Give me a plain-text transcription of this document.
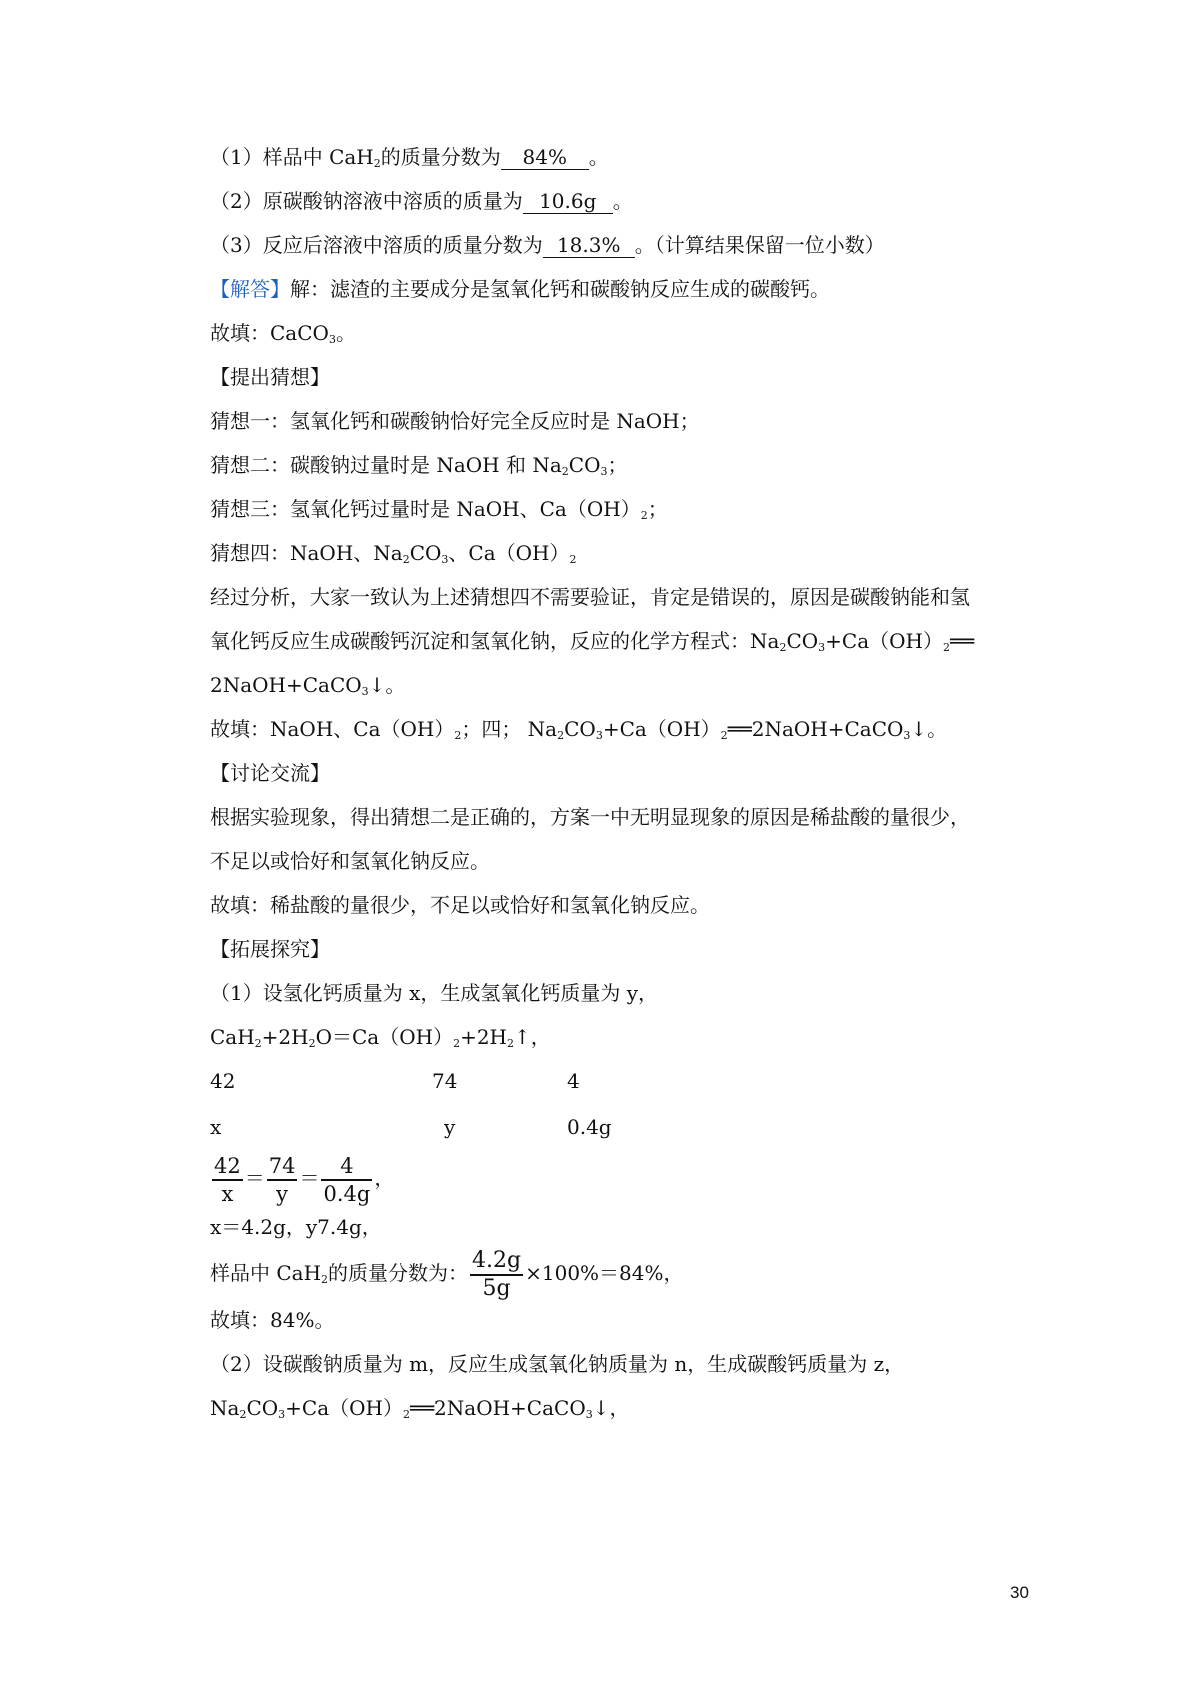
（1）样品中 CaH$_2$的质量分数为 84% 。
（2）原碳酸钠溶液中溶质的质量为 10.6g 。
（3）反应后溶液中溶质的质量分数为 18.3% 。（计算结果保留一位小数）
【解答】解：滤渣的主要成分是氢氧化钙和碳酸钠反应生成的碳酸钙。
故填：CaCO$_3$。
【提出猜想】
猜想一：氢氧化钙和碳酸钠恰好完全反应时是 NaOH；
猜想二：碳酸钠过量时是 NaOH 和 $Na_2CO_3$；
猜想三：氢氧化钙过量时是 NaOH、$Ca(OH)_2$；
猜想四：NaOH、$Na_2CO_3$、$Ca(OH)_2$
经过分析，大家一致认为上述猜想四不需要验证，肯定是错误的，原因是碳酸钠能和氢
氧化钙反应生成碳酸钙沉淀和氢氧化钠，反应的化学方程式：$Na_2CO_3+Ca(OH)_2══$
2NaOH+CaCO$_3$↓。
故填：NaOH、$Ca(OH)_2$；四； $Na_2CO_3+Ca(OH)_2══2NaOH+CaCO_3↓$。
【讨论交流】
根据实验现象，得出猜想二是正确的，方案一中无明显现象的原因是稀盐酸的量很少，
不足以或恰好和氢氧化钠反应。
故填：稀盐酸的量很少，不足以或恰好和氢氧化钠反应。
【拓展探究】
（1）设氢化钙质量为 x，生成氢氧化钙质量为 y，
$CaH_2+2H_2O=Ca(OH)_2+2H_2↑$，
42	74	4
x	y	0.4g
$\frac{42}{x} = \frac{74}{y} = \frac{4}{0.4g}$ ，
x＝4.2g，y7.4g，
样品中 CaH$_2$的质量分数为： $\frac{4.2g}{5g} \times 100\%=84\%$，
故填：84%。
（2）设碳酸钠质量为 m，反应生成氢氧化钠质量为 n，生成碳酸钙质量为 z，
$Na_2CO_3+Ca(OH)_2══2NaOH+CaCO_3↓$，
30
